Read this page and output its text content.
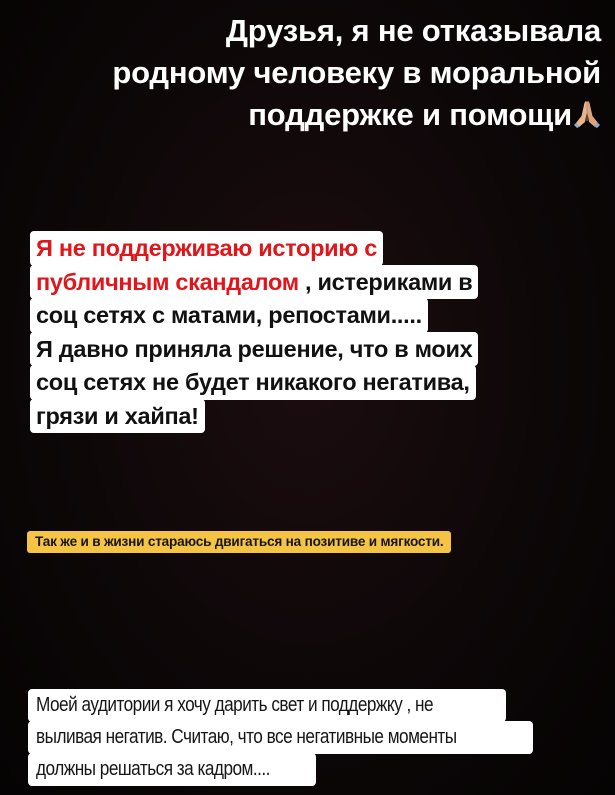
Друзья, я не отказывала
родному человеку в моральной
поддержке и помощи
Я не поддерживаю историю с
публичным скандалом , истериками в
соц сетях с матами, репостами.....
Я давно приняла решение, что в моих
соц сетях не будет никакого негатива,
грязи и хайпа!
Так же и в жизни стараюсь двигаться на позитиве и мягкости.
Моей аудитории я хочу дарить свет и поддержку , не
выливая негатив. Считаю, что все негативные моменты
должны решаться за кадром....
